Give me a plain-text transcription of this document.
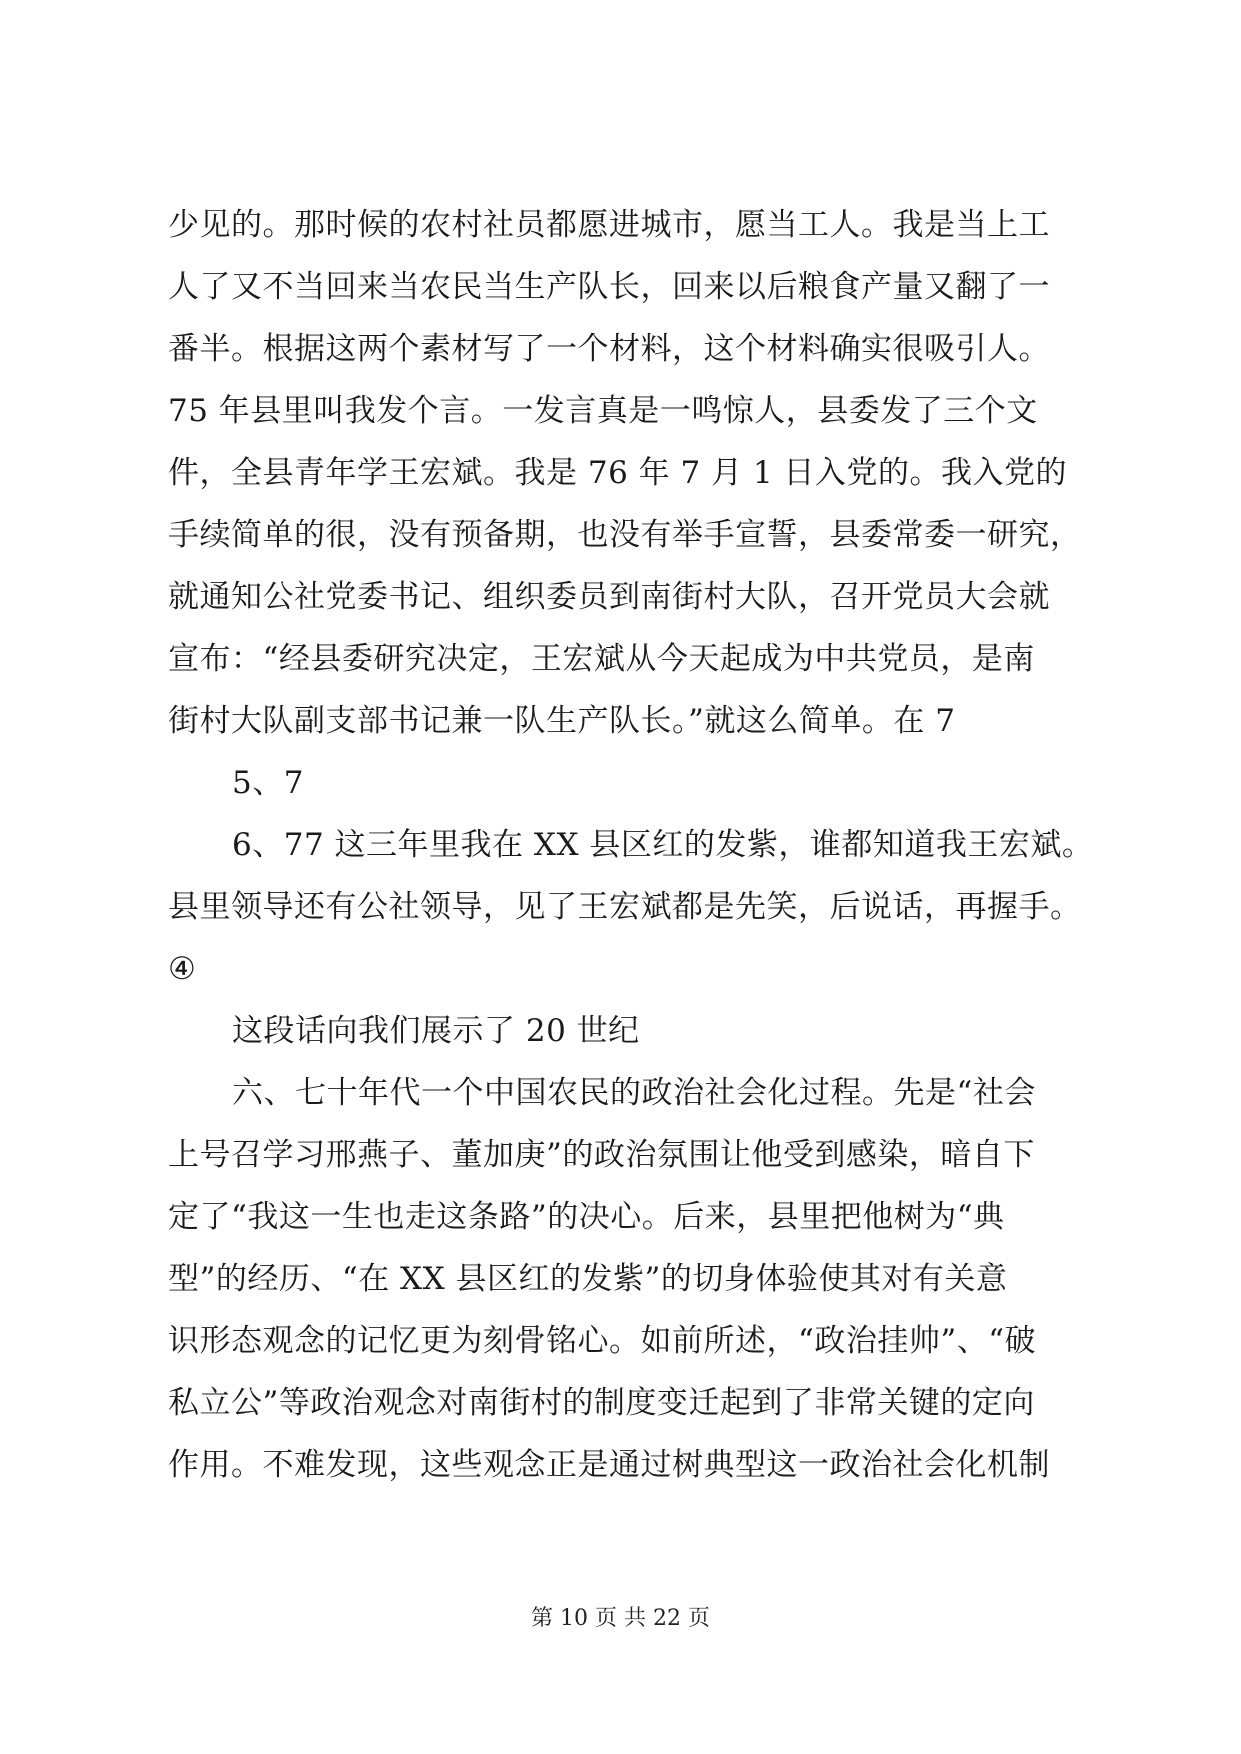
少见的。那时候的农村社员都愿进城市，愿当工人。我是当上工
人了又不当回来当农民当生产队长，回来以后粮食产量又翻了一
番半。根据这两个素材写了一个材料，这个材料确实很吸引人。
75 年县里叫我发个言。一发言真是一鸣惊人，县委发了三个文
件，全县青年学王宏斌。我是 76 年 7 月 1 日入党的。我入党的
手续简单的很，没有预备期，也没有举手宣誓，县委常委一研究，
就通知公社党委书记、组织委员到南街村大队，召开党员大会就
宣布：“经县委研究决定，王宏斌从今天起成为中共党员，是南
街村大队副支部书记兼一队生产队长。”就这么简单。在 7
5、7
6、77 这三年里我在 XX 县区红的发紫，谁都知道我王宏斌。
县里领导还有公社领导，见了王宏斌都是先笑，后说话，再握手。
④
这段话向我们展示了 20 世纪
六、七十年代一个中国农民的政治社会化过程。先是“社会
上号召学习邢燕子、董加庚”的政治氛围让他受到感染，暗自下
定了“我这一生也走这条路”的决心。后来，县里把他树为“典
型”的经历、“在 XX 县区红的发紫”的切身体验使其对有关意
识形态观念的记忆更为刻骨铭心。如前所述，“政治挂帅”、“破
私立公”等政治观念对南街村的制度变迁起到了非常关键的定向
作用。不难发现，这些观念正是通过树典型这一政治社会化机制
第 10 页 共 22 页
